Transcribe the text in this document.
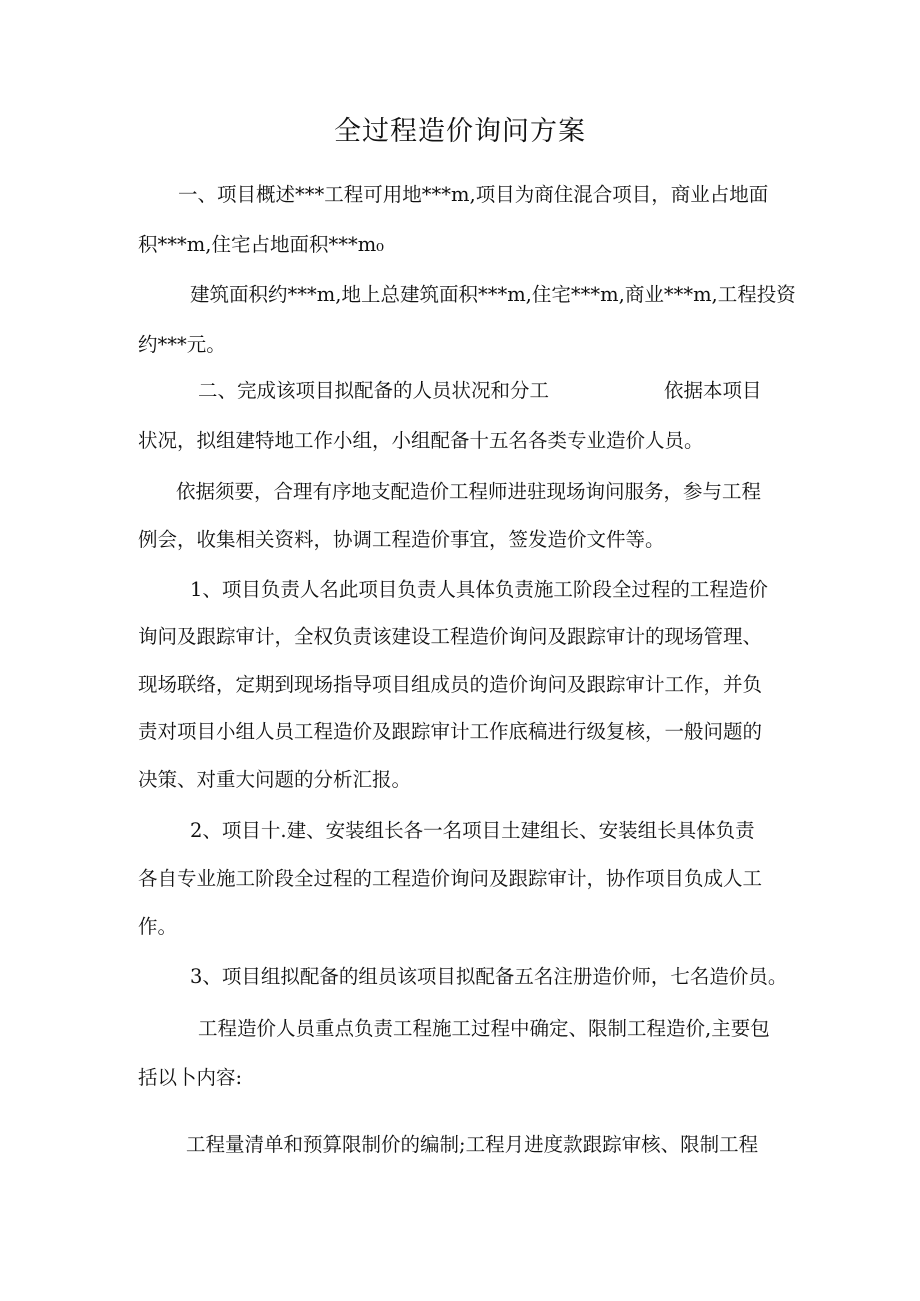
全过程造价询问方案
一、项目概述***工程可用地***m,项目为商住混合项目，商业占地面
积***m,住宅占地面积***m₀
建筑面积约***m,地上总建筑面积***m,住宅***m,商业***m,工程投资
约***元。
二、完成该项目拟配备的人员状况和分工	依据本项目
状况，拟组建特地工作小组，小组配备十五名各类专业造价人员。
依据须要，合理有序地支配造价工程师进驻现场询问服务，参与工程
例会，收集相关资料，协调工程造价事宜，签发造价文件等。
1、项目负责人名此项目负责人具体负责施工阶段全过程的工程造价
询问及跟踪审计，全权负责该建设工程造价询问及跟踪审计的现场管理、
现场联络，定期到现场指导项目组成员的造价询问及跟踪审计工作，并负
责对项目小组人员工程造价及跟踪审计工作底稿进行级复核，一般问题的
决策、对重大问题的分析汇报。
2、项目十.建、安装组长各一名项目土建组长、安装组长具体负责
各自专业施工阶段全过程的工程造价询问及跟踪审计，协作项目负成人工
作。
3、项目组拟配备的组员该项目拟配备五名注册造价师，七名造价员。
工程造价人员重点负责工程施工过程中确定、限制工程造价,主要包
括以卜内容:
工程量清单和预算限制价的编制;工程月进度款跟踪审核、限制工程
